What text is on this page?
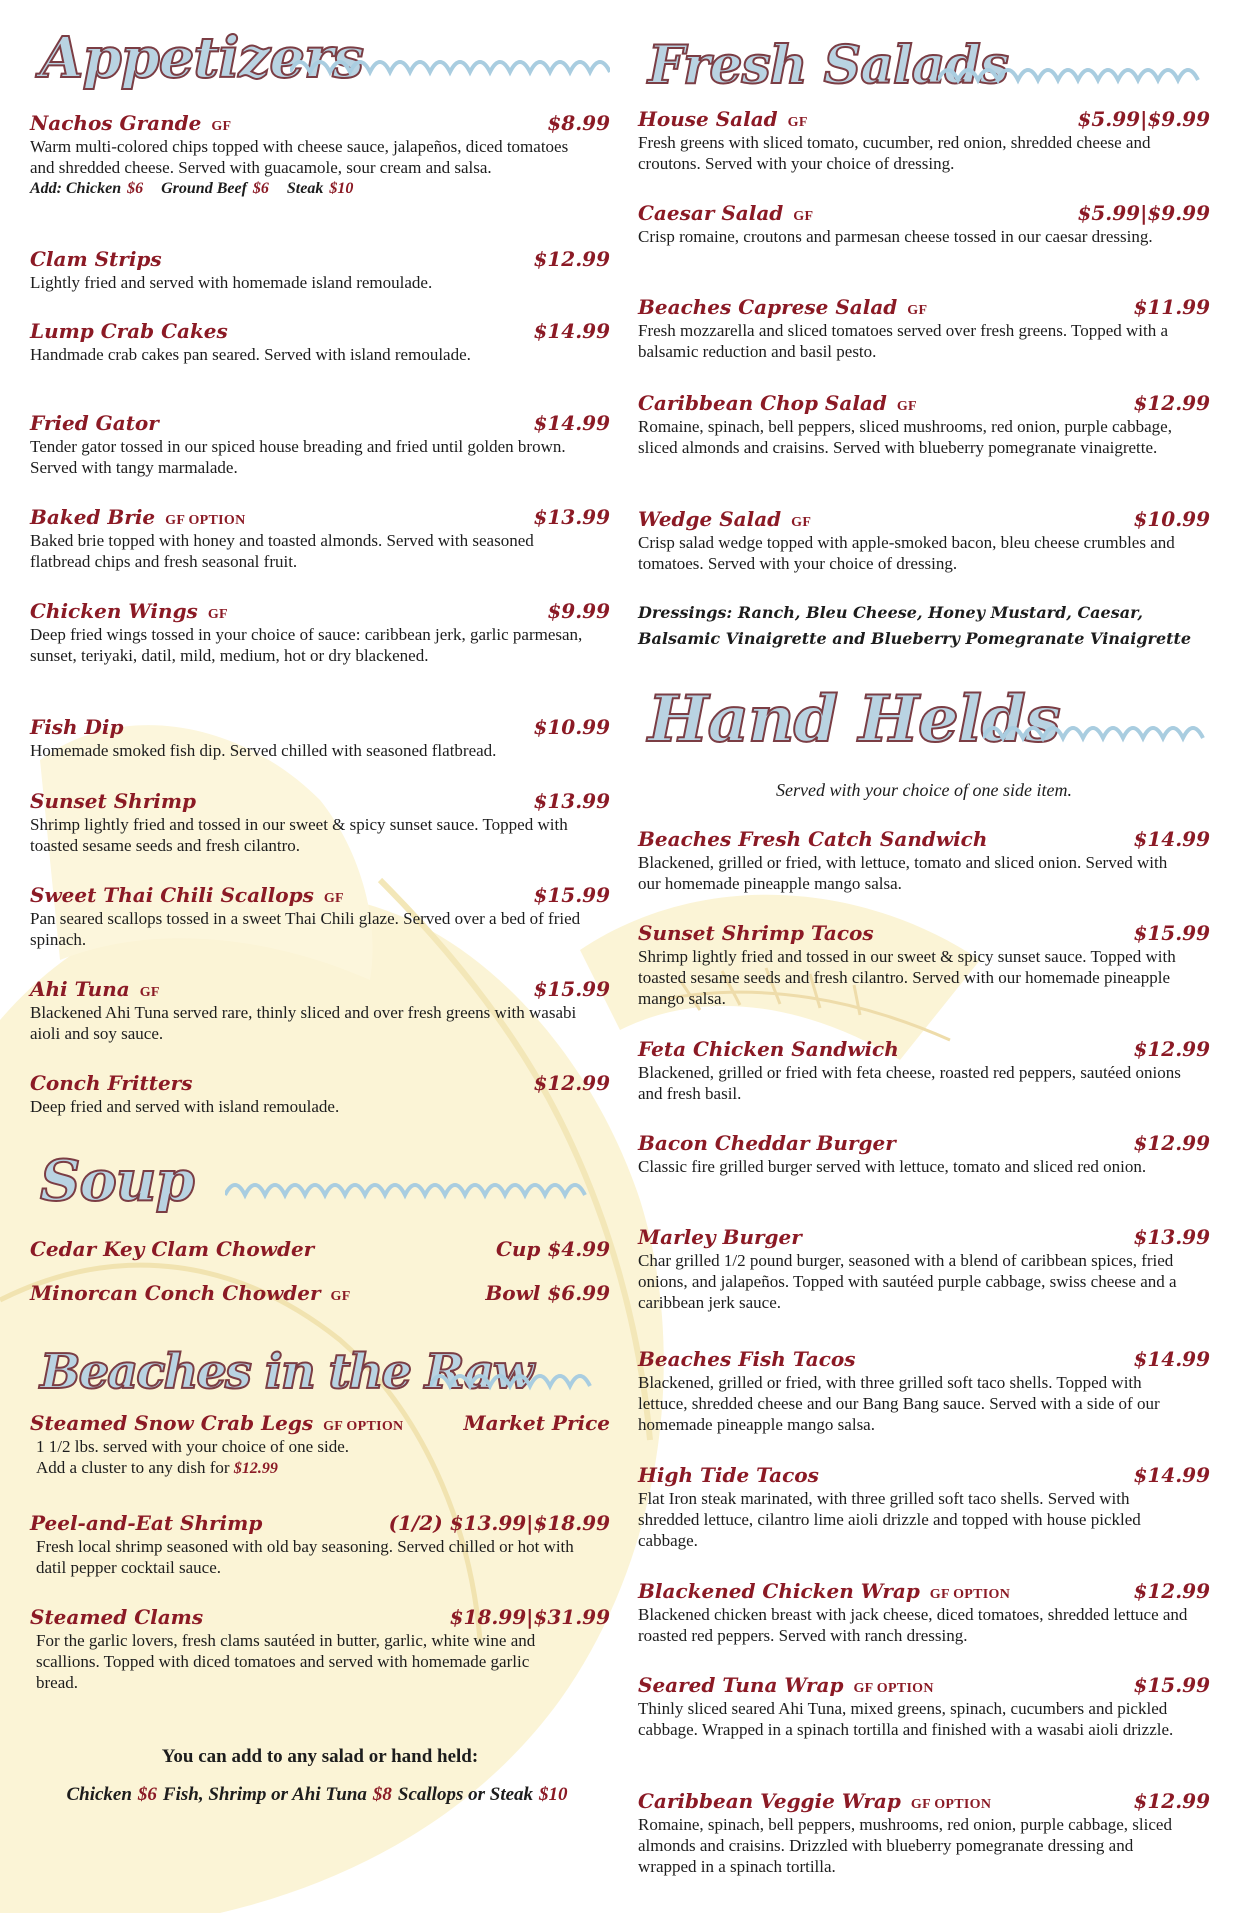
Appetizers
Nachos Grande GF	$8.99
Warm multi-colored chips topped with cheese sauce, jalapeños, diced tomatoes and shredded cheese. Served with guacamole, sour cream and salsa.
Add: Chicken $6 Ground Beef $6 Steak $10
Clam Strips	$12.99
Lightly fried and served with homemade island remoulade.
Lump Crab Cakes	$14.99
Handmade crab cakes pan seared. Served with island remoulade.
Fried Gator	$14.99
Tender gator tossed in our spiced house breading and fried until golden brown. Served with tangy marmalade.
Baked Brie GF OPTION	$13.99
Baked brie topped with honey and toasted almonds. Served with seasoned flatbread chips and fresh seasonal fruit.
Chicken Wings GF	$9.99
Deep fried wings tossed in your choice of sauce: caribbean jerk, garlic parmesan, sunset, teriyaki, datil, mild, medium, hot or dry blackened.
Fish Dip	$10.99
Homemade smoked fish dip. Served chilled with seasoned flatbread.
Sunset Shrimp	$13.99
Shrimp lightly fried and tossed in our sweet & spicy sunset sauce. Topped with toasted sesame seeds and fresh cilantro.
Sweet Thai Chili Scallops GF	$15.99
Pan seared scallops tossed in a sweet Thai Chili glaze. Served over a bed of fried spinach.
Ahi Tuna GF	$15.99
Blackened Ahi Tuna served rare, thinly sliced and over fresh greens with wasabi aioli and soy sauce.
Conch Fritters	$12.99
Deep fried and served with island remoulade.
Soup
Cedar Key Clam Chowder	Cup $4.99
Minorcan Conch Chowder GF	Bowl $6.99
Beaches in the Raw
Steamed Snow Crab Legs GF OPTION	Market Price
1 1/2 lbs. served with your choice of one side.
Add a cluster to any dish for $12.99
Peel-and-Eat Shrimp	(1/2) $13.99|$18.99
Fresh local shrimp seasoned with old bay seasoning. Served chilled or hot with datil pepper cocktail sauce.
Steamed Clams	$18.99|$31.99
For the garlic lovers, fresh clams sautéed in butter, garlic, white wine and scallions. Topped with diced tomatoes and served with homemade garlic bread.
You can add to any salad or hand held:
Chicken $6 Fish, Shrimp or Ahi Tuna $8 Scallops or Steak $10
Fresh Salads
House Salad GF	$5.99|$9.99
Fresh greens with sliced tomato, cucumber, red onion, shredded cheese and croutons. Served with your choice of dressing.
Caesar Salad GF	$5.99|$9.99
Crisp romaine, croutons and parmesan cheese tossed in our caesar dressing.
Beaches Caprese Salad GF	$11.99
Fresh mozzarella and sliced tomatoes served over fresh greens. Topped with a balsamic reduction and basil pesto.
Caribbean Chop Salad GF	$12.99
Romaine, spinach, bell peppers, sliced mushrooms, red onion, purple cabbage, sliced almonds and craisins. Served with blueberry pomegranate vinaigrette.
Wedge Salad GF	$10.99
Crisp salad wedge topped with apple-smoked bacon, bleu cheese crumbles and tomatoes. Served with your choice of dressing.
Dressings: Ranch, Bleu Cheese, Honey Mustard, Caesar,
Balsamic Vinaigrette and Blueberry Pomegranate Vinaigrette
Hand Helds
Served with your choice of one side item.
Beaches Fresh Catch Sandwich	$14.99
Blackened, grilled or fried, with lettuce, tomato and sliced onion. Served with our homemade pineapple mango salsa.
Sunset Shrimp Tacos	$15.99
Shrimp lightly fried and tossed in our sweet & spicy sunset sauce. Topped with toasted sesame seeds and fresh cilantro. Served with our homemade pineapple mango salsa.
Feta Chicken Sandwich	$12.99
Blackened, grilled or fried with feta cheese, roasted red peppers, sautéed onions and fresh basil.
Bacon Cheddar Burger	$12.99
Classic fire grilled burger served with lettuce, tomato and sliced red onion.
Marley Burger	$13.99
Char grilled 1/2 pound burger, seasoned with a blend of caribbean spices, fried onions, and jalapeños. Topped with sautéed purple cabbage, swiss cheese and a caribbean jerk sauce.
Beaches Fish Tacos	$14.99
Blackened, grilled or fried, with three grilled soft taco shells. Topped with lettuce, shredded cheese and our Bang Bang sauce. Served with a side of our homemade pineapple mango salsa.
High Tide Tacos	$14.99
Flat Iron steak marinated, with three grilled soft taco shells. Served with shredded lettuce, cilantro lime aioli drizzle and topped with house pickled cabbage.
Blackened Chicken Wrap GF OPTION	$12.99
Blackened chicken breast with jack cheese, diced tomatoes, shredded lettuce and roasted red peppers. Served with ranch dressing.
Seared Tuna Wrap GF OPTION	$15.99
Thinly sliced seared Ahi Tuna, mixed greens, spinach, cucumbers and pickled cabbage. Wrapped in a spinach tortilla and finished with a wasabi aioli drizzle.
Caribbean Veggie Wrap GF OPTION	$12.99
Romaine, spinach, bell peppers, mushrooms, red onion, purple cabbage, sliced almonds and craisins. Drizzled with blueberry pomegranate dressing and wrapped in a spinach tortilla.
